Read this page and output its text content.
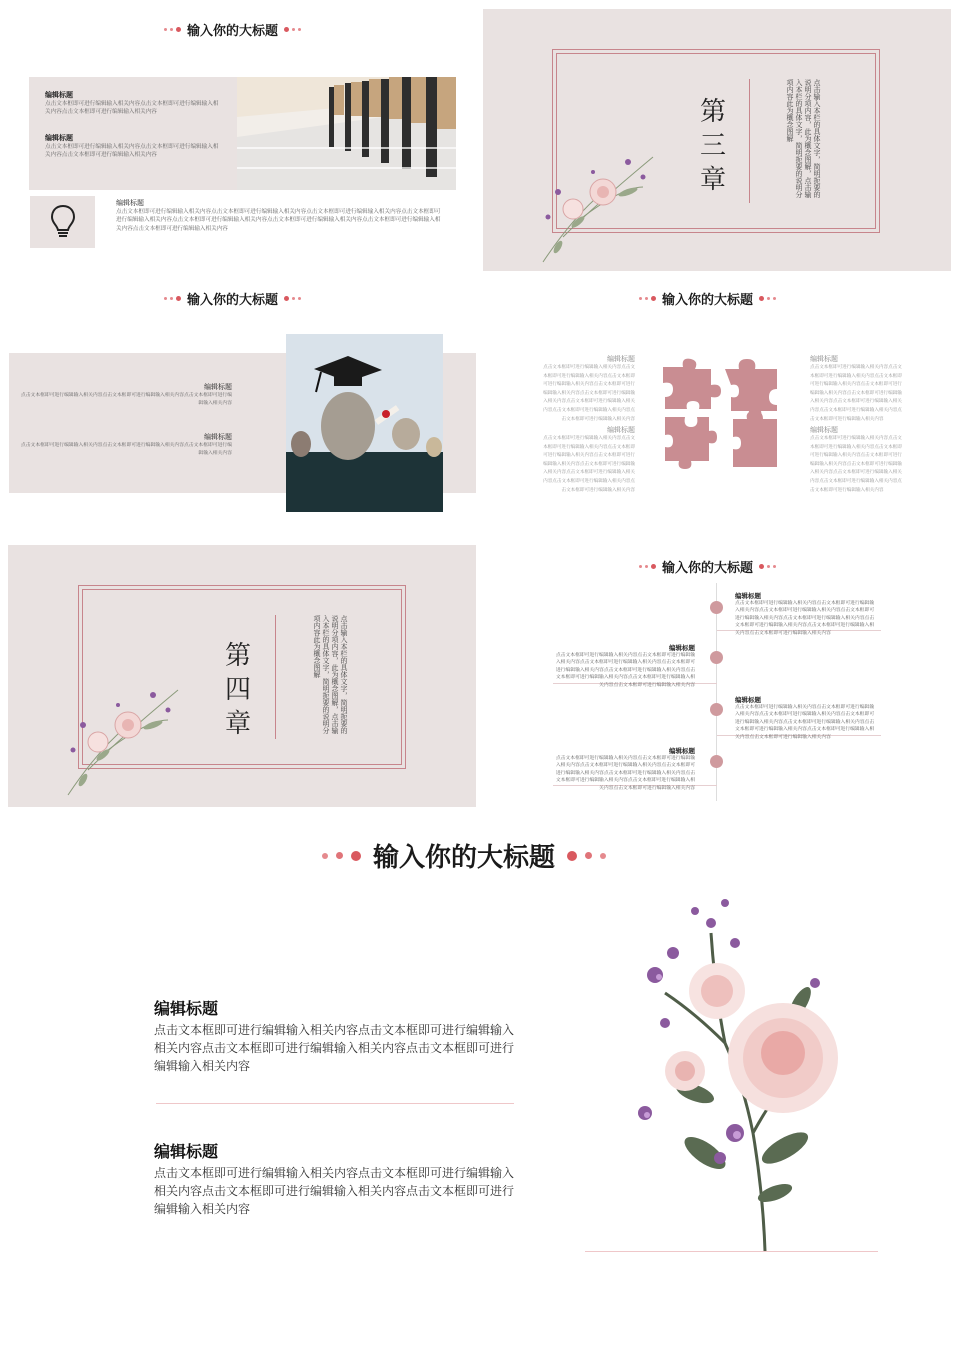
输入你的大标题
编辑标题
点击文本框即可进行编辑输入相关内容点击文本框即可进行编辑输入相关内容点击文本框即可进行编辑输入相关内容
编辑标题
点击文本框即可进行编辑输入相关内容点击文本框即可进行编辑输入相关内容点击文本框即可进行编辑输入相关内容
编辑标题
点击文本框即可进行编辑输入相关内容点击文本框即可进行编辑输入相关内容点击文本框即可进行编辑输入相关内容点击文本框即可进行编辑输入相关内容点击文本框即可进行编辑输入相关内容点击文本框即可进行编辑输入相关内容点击文本框即可进行编辑输入相关内容点击文本框即可进行编辑输入相关内容
第
三
章	点击输入本栏的具体文字，简明扼要的说明分项内容，此为概念图解，点击输入本栏的具体文字，简明扼要的说明分项内容此为概念图解
输入你的大标题
编辑标题
点击文本框即可进行编辑输入相关内容点击文本框即可进行编辑输入相关内容点击文本框即可进行编辑输入相关内容
编辑标题
点击文本框即可进行编辑输入相关内容点击文本框即可进行编辑输入相关内容点击文本框即可进行编辑输入相关内容
输入你的大标题
编辑标题
点击文本框即可进行编辑输入相关内容点击文本框即可进行编辑输入相关内容点击文本框即可进行编辑输入相关内容点击文本框即可进行编辑输入相关内容点击文本框即可进行编辑输入相关内容点击文本框即可进行编辑输入相关内容点击文本框即可进行编辑输入相关内容点击文本框即可进行编辑输入相关内容
编辑标题
点击文本框即可进行编辑输入相关内容点击文本框即可进行编辑输入相关内容点击文本框即可进行编辑输入相关内容点击文本框即可进行编辑输入相关内容点击文本框即可进行编辑输入相关内容点击文本框即可进行编辑输入相关内容点击文本框即可进行编辑输入相关内容点击文本框即可进行编辑输入相关内容
编辑标题
点击文本框即可进行编辑输入相关内容点击文本框即可进行编辑输入相关内容点击文本框即可进行编辑输入相关内容点击文本框即可进行编辑输入相关内容点击文本框即可进行编辑输入相关内容点击文本框即可进行编辑输入相关内容点击文本框即可进行编辑输入相关内容点击文本框即可进行编辑输入相关内容
编辑标题
点击文本框即可进行编辑输入相关内容点击文本框即可进行编辑输入相关内容点击文本框即可进行编辑输入相关内容点击文本框即可进行编辑输入相关内容点击文本框即可进行编辑输入相关内容点击文本框即可进行编辑输入相关内容点击文本框即可进行编辑输入相关内容点击文本框即可进行编辑输入相关内容
第
四
章	点击输入本栏的具体文字，简明扼要的说明分项内容，此为概念图解，点击输入本栏的具体文字，简明扼要的说明分项内容此为概念图解
输入你的大标题
编辑标题
点击文本框即可进行编辑输入相关内容点击文本框即可进行编辑输入相关内容点击文本框即可进行编辑输入相关内容点击文本框即可进行编辑输入相关内容点击文本框即可进行编辑输入相关内容点击文本框即可进行编辑输入相关内容点击文本框即可进行编辑输入相关内容点击文本框即可进行编辑输入相关内容
编辑标题
点击文本框即可进行编辑输入相关内容点击文本框即可进行编辑输入相关内容点击文本框即可进行编辑输入相关内容点击文本框即可进行编辑输入相关内容点击文本框即可进行编辑输入相关内容点击文本框即可进行编辑输入相关内容点击文本框即可进行编辑输入相关内容点击文本框即可进行编辑输入相关内容
编辑标题
点击文本框即可进行编辑输入相关内容点击文本框即可进行编辑输入相关内容点击文本框即可进行编辑输入相关内容点击文本框即可进行编辑输入相关内容点击文本框即可进行编辑输入相关内容点击文本框即可进行编辑输入相关内容点击文本框即可进行编辑输入相关内容点击文本框即可进行编辑输入相关内容
编辑标题
点击文本框即可进行编辑输入相关内容点击文本框即可进行编辑输入相关内容点击文本框即可进行编辑输入相关内容点击文本框即可进行编辑输入相关内容点击文本框即可进行编辑输入相关内容点击文本框即可进行编辑输入相关内容点击文本框即可进行编辑输入相关内容点击文本框即可进行编辑输入相关内容
输入你的大标题
编辑标题
点击文本框即可进行编辑输入相关内容点击文本框即可进行编辑输入相关内容点击文本框即可进行编辑输入相关内容点击文本框即可进行编辑输入相关内容
编辑标题
点击文本框即可进行编辑输入相关内容点击文本框即可进行编辑输入相关内容点击文本框即可进行编辑输入相关内容点击文本框即可进行编辑输入相关内容
